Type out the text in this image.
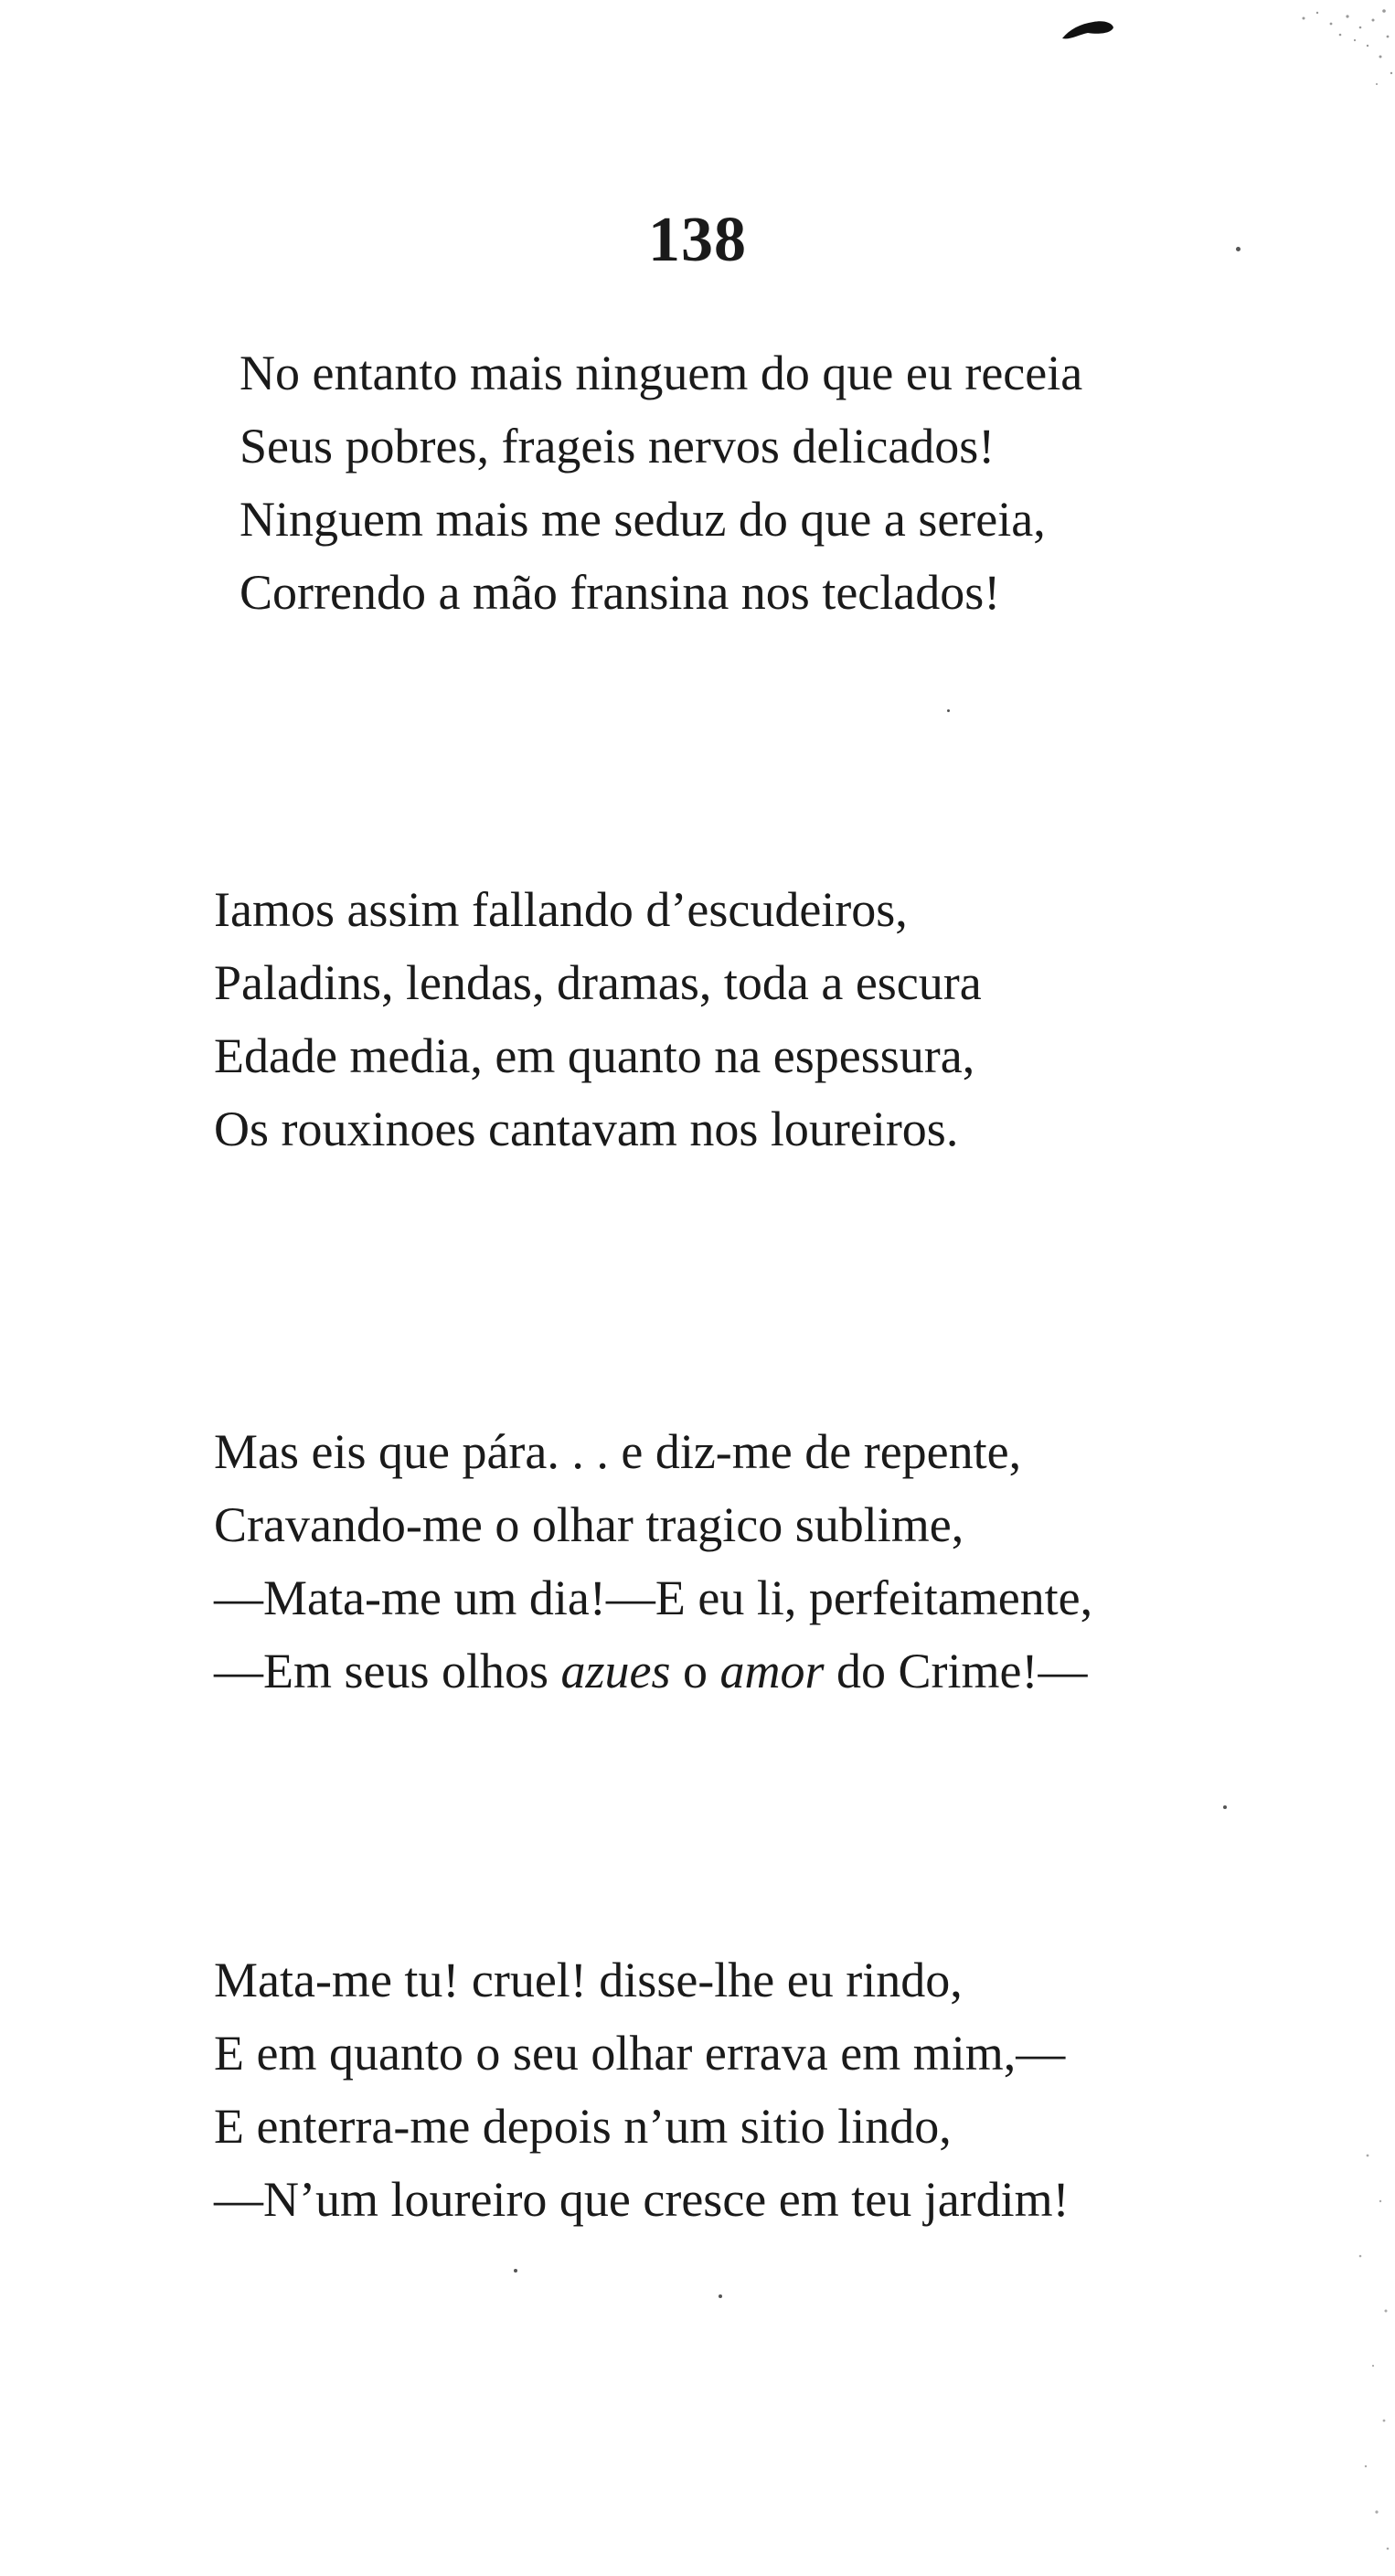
138
No entanto mais ninguem do que eu receia
Seus pobres, frageis nervos delicados!
Ninguem mais me seduz do que a sereia,
Correndo a mão fransina nos teclados!
Iamos assim fallando d’escudeiros,
Paladins, lendas, dramas, toda a escura
Edade media, em quanto na espessura,
Os rouxinoes cantavam nos loureiros.
Mas eis que pára. . . e diz-me de repente,
Cravando-me o olhar tragico sublime,
—Mata-me um dia!—E eu li, perfeitamente,
—Em seus olhos azues o amor do Crime!—
Mata-me tu! cruel! disse-lhe eu rindo,
E em quanto o seu olhar errava em mim,—
E enterra-me depois n’um sitio lindo,
—N’um loureiro que cresce em teu jardim!
